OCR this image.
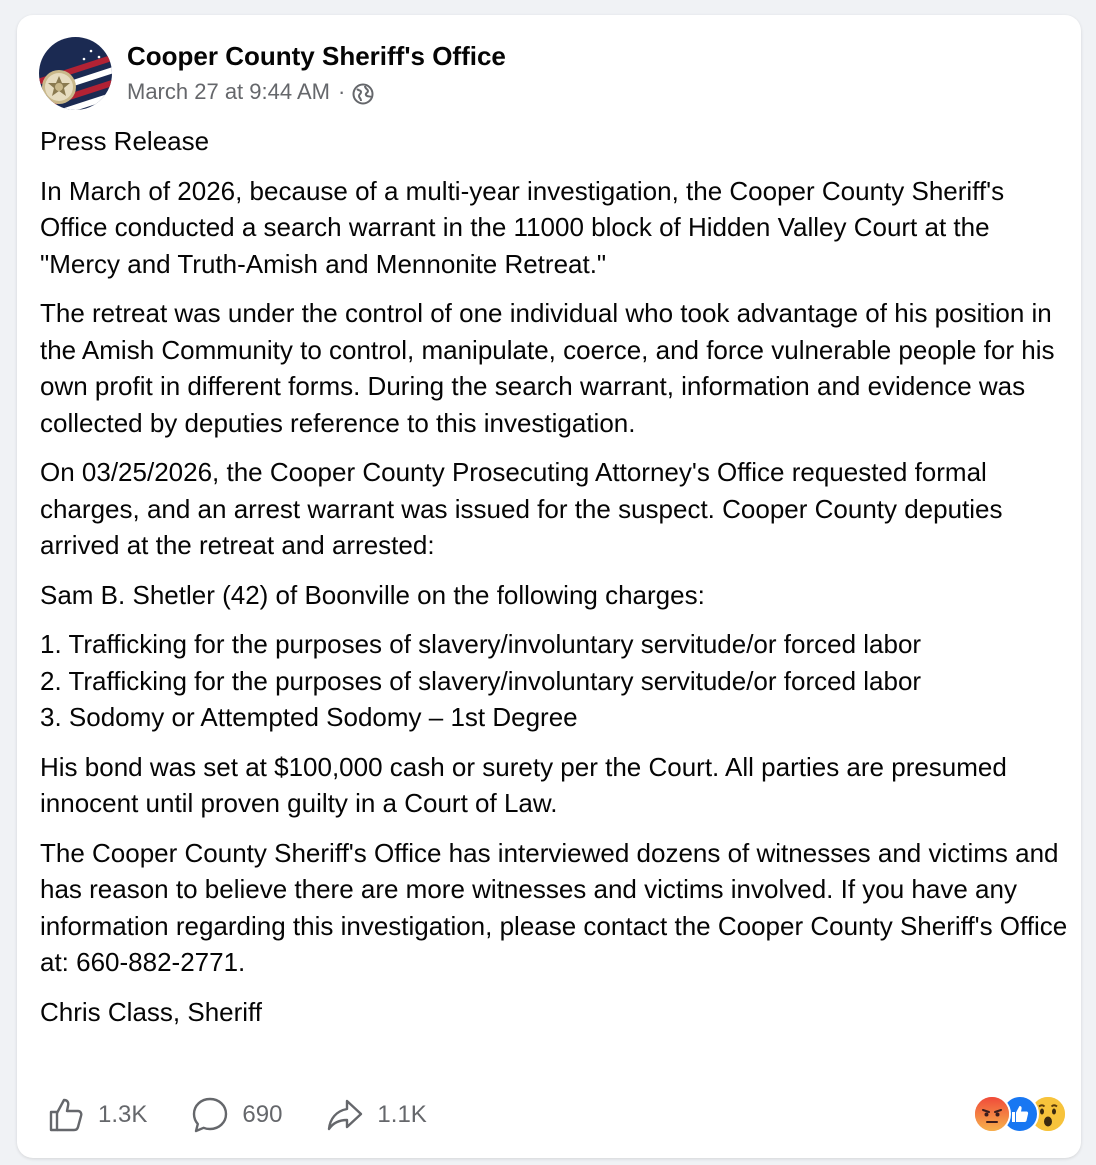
Cooper County Sheriff's Office
March 27 at 9:44 AM ·

Press Release

In March of 2026, because of a multi-year investigation, the Cooper County Sheriff's Office conducted a search warrant in the 11000 block of Hidden Valley Court at the "Mercy and Truth-Amish and Mennonite Retreat."

The retreat was under the control of one individual who took advantage of his position in the Amish Community to control, manipulate, coerce, and force vulnerable people for his own profit in different forms. During the search warrant, information and evidence was collected by deputies reference to this investigation.

On 03/25/2026, the Cooper County Prosecuting Attorney's Office requested formal charges, and an arrest warrant was issued for the suspect. Cooper County deputies arrived at the retreat and arrested:

Sam B. Shetler (42) of Boonville on the following charges:

1. Trafficking for the purposes of slavery/involuntary servitude/or forced labor
2. Trafficking for the purposes of slavery/involuntary servitude/or forced labor
3. Sodomy or Attempted Sodomy – 1st Degree

His bond was set at $100,000 cash or surety per the Court. All parties are presumed innocent until proven guilty in a Court of Law.

The Cooper County Sheriff's Office has interviewed dozens of witnesses and victims and has reason to believe there are more witnesses and victims involved. If you have any information regarding this investigation, please contact the Cooper County Sheriff's Office at: 660-882-2771.

Chris Class, Sheriff

1.3K	690	1.1K
